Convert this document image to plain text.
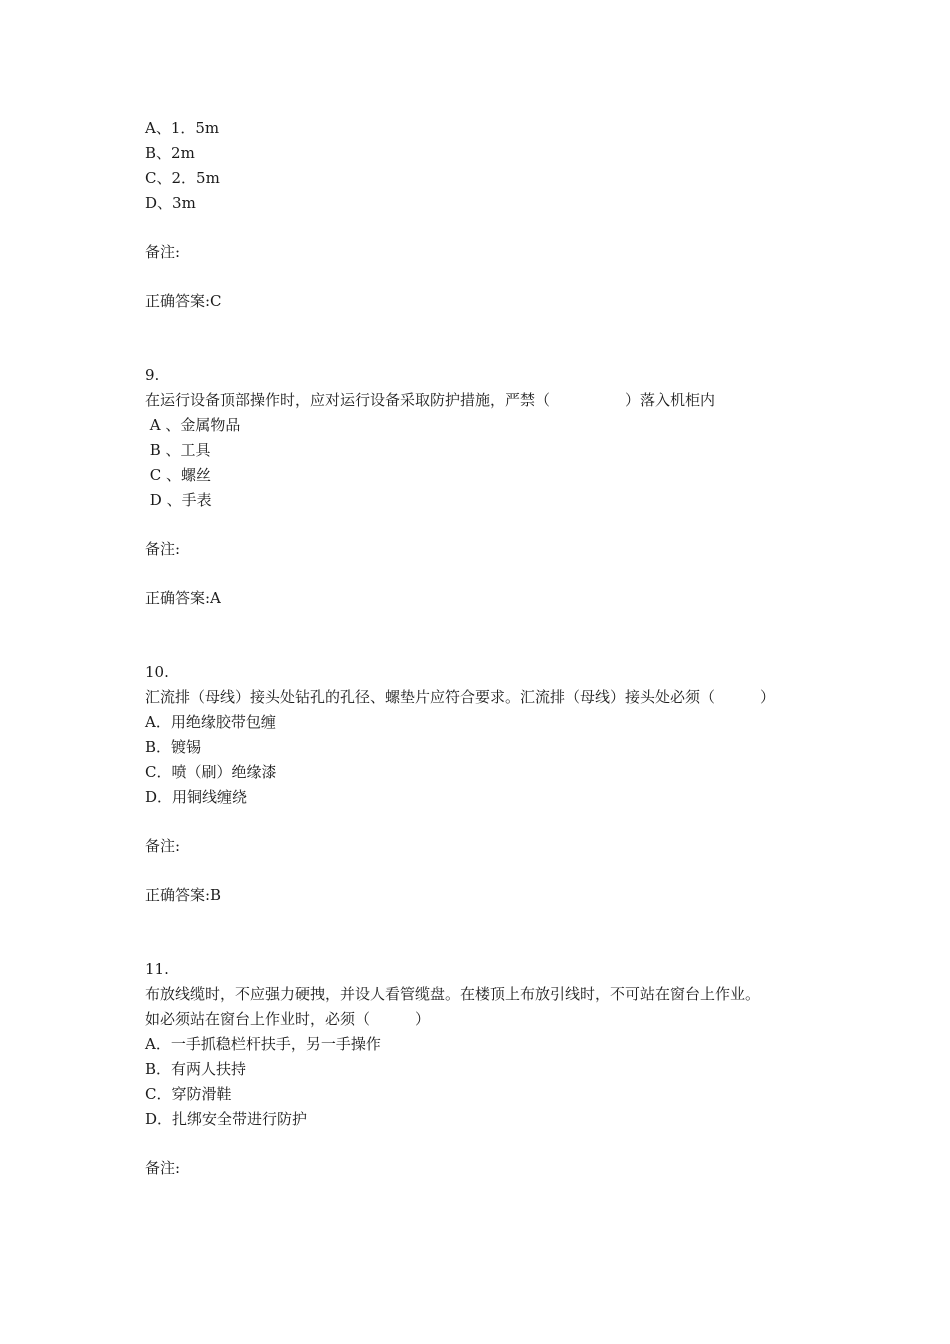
A、1．5m
B、2m
C、2．5m
D、3m
备注:
正确答案:C
9.
在运行设备顶部操作时，应对运行设备采取防护措施，严禁（　　　　　）落入机柜内
A 、金属物品
B 、工具
C 、螺丝
D 、手表
备注:
正确答案:A
10.
汇流排（母线）接头处钻孔的孔径、螺垫片应符合要求。汇流排（母线）接头处必须（　　　）
A．用绝缘胶带包缠
B．镀锡
C．喷（刷）绝缘漆
D．用铜线缠绕
备注:
正确答案:B
11.
布放线缆时，不应强力硬拽，并设人看管缆盘。在楼顶上布放引线时，不可站在窗台上作业。
如必须站在窗台上作业时，必须（　　　）
A．一手抓稳栏杆扶手，另一手操作
B．有两人扶持
C．穿防滑鞋
D．扎绑安全带进行防护
备注:
